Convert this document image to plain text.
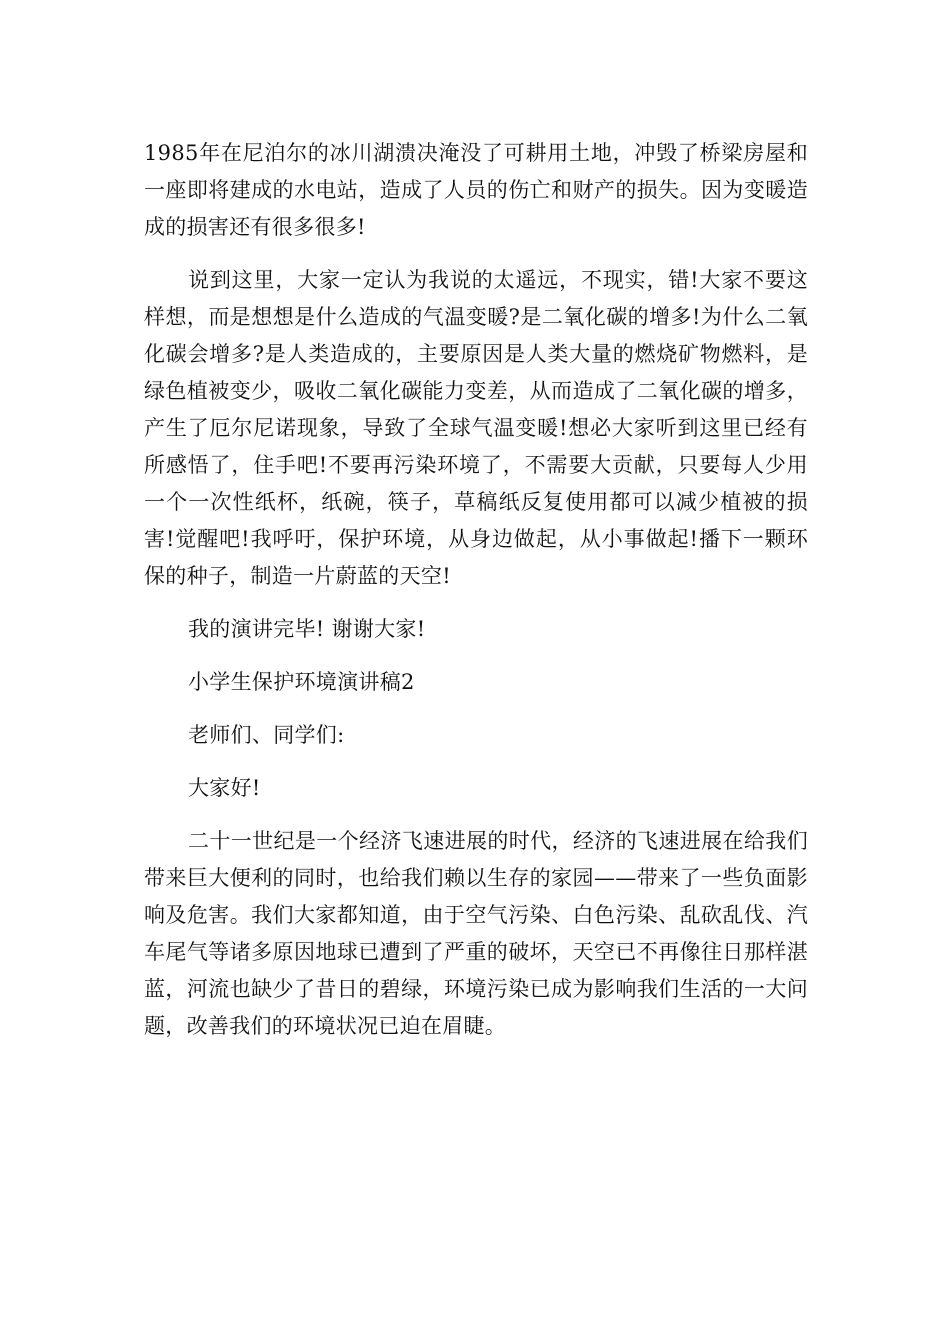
1985年在尼泊尔的冰川湖溃决淹没了可耕用土地，冲毁了桥梁房屋和一座即将建成的水电站，造成了人员的伤亡和财产的损失。因为变暖造成的损害还有很多很多!

说到这里，大家一定认为我说的太遥远，不现实，错!大家不要这样想，而是想想是什么造成的气温变暖?是二氧化碳的增多!为什么二氧化碳会增多?是人类造成的，主要原因是人类大量的燃烧矿物燃料，是绿色植被变少，吸收二氧化碳能力变差，从而造成了二氧化碳的增多，产生了厄尔尼诺现象，导致了全球气温变暖!想必大家听到这里已经有所感悟了，住手吧!不要再污染环境了，不需要大贡献，只要每人少用一个一次性纸杯，纸碗，筷子，草稿纸反复使用都可以减少植被的损害!觉醒吧!我呼吁，保护环境，从身边做起，从小事做起!播下一颗环保的种子，制造一片蔚蓝的天空!

我的演讲完毕! 谢谢大家!

小学生保护环境演讲稿2

老师们、同学们:

大家好!

二十一世纪是一个经济飞速进展的时代，经济的飞速进展在给我们带来巨大便利的同时，也给我们赖以生存的家园——带来了一些负面影响及危害。我们大家都知道，由于空气污染、白色污染、乱砍乱伐、汽车尾气等诸多原因地球已遭到了严重的破坏，天空已不再像往日那样湛蓝，河流也缺少了昔日的碧绿，环境污染已成为影响我们生活的一大问题，改善我们的环境状况已迫在眉睫。
